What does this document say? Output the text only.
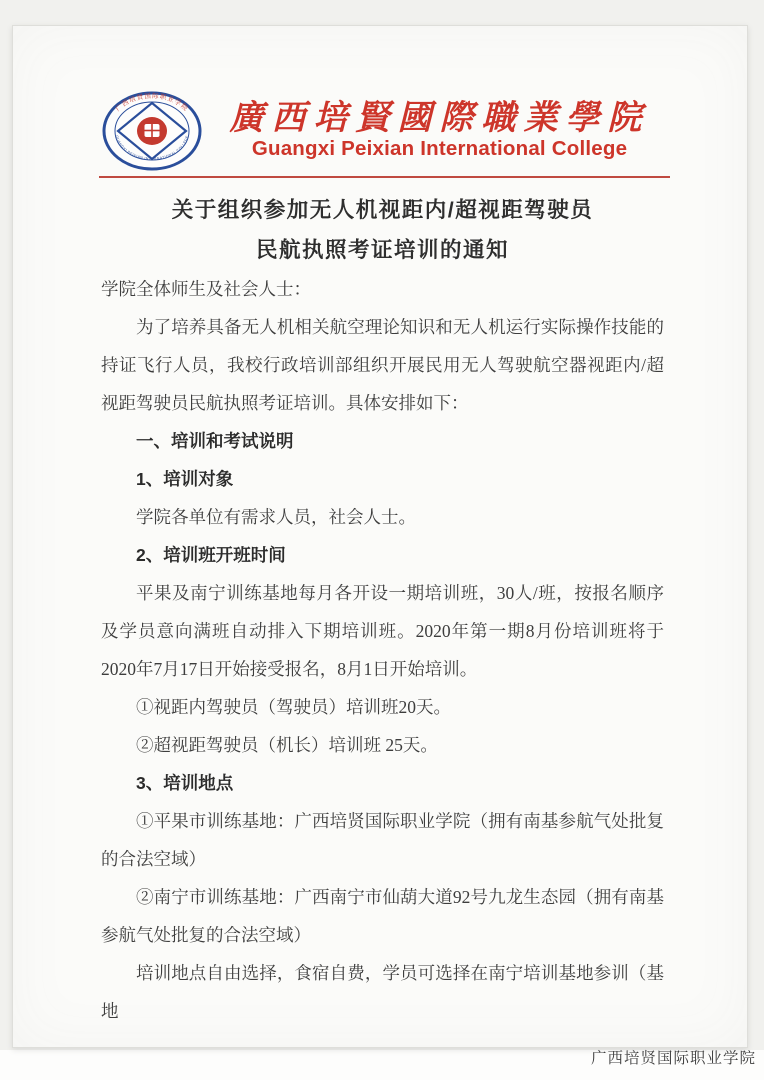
广西培贤国际职业学院
GUANGXI PEIXIAN INTERNATIONAL COLLEGE	廣西培賢國際職業學院
Guangxi Peixian International College
关于组织参加无人机视距内/超视距驾驶员
民航执照考证培训的通知

学院全体师生及社会人士：

为了培养具备无人机相关航空理论知识和无人机运行实际操作技能的持证飞行人员，我校行政培训部组织开展民用无人驾驶航空器视距内/超视距驾驶员民航执照考证培训。具体安排如下：

一、培训和考试说明

1、培训对象

学院各单位有需求人员，社会人士。

2、培训班开班时间

平果及南宁训练基地每月各开设一期培训班，30人/班，按报名顺序及学员意向满班自动排入下期培训班。2020年第一期8月份培训班将于2020年7月17日开始接受报名，8月1日开始培训。

①视距内驾驶员（驾驶员）培训班20天。

②超视距驾驶员（机长）培训班 25天。

3、培训地点

①平果市训练基地：广西培贤国际职业学院（拥有南基参航气处批复的合法空域）

②南宁市训练基地：广西南宁市仙葫大道92号九龙生态园（拥有南基参航气处批复的合法空域）

培训地点自由选择，食宿自费，学员可选择在南宁培训基地参训（基地

广西培贤国际职业学院
